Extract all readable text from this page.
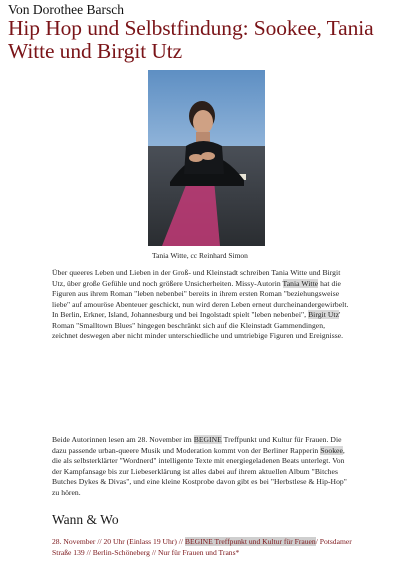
Von Dorothee Barsch
Hip Hop und Selbstfindung: Sookee, Tania Witte und Birgit Utz
Tania Witte, cc Reinhard Simon

Über queeres Leben und Lieben in der Groß- und Kleinstadt schreiben Tania Witte und Birgit Utz, über große Gefühle und noch größere Unsicherheiten. Missy-Autorin Tania Witte hat die Figuren aus ihrem Roman "leben nebenbei" bereits in ihrem ersten Roman "beziehungsweise liebe" auf amouröse Abenteuer geschickt, nun wird deren Leben erneut durcheinandergewirbelt. In Berlin, Erkner, Island, Johannesburg und bei Ingolstadt spielt "leben nebenbei", Birgit Utz' Roman "Smalltown Blues" hingegen beschränkt sich auf die Kleinstadt Gammendingen, zeichnet deswegen aber nicht minder unterschiedliche und umtriebige Figuren und Ereignisse.

Beide Autorinnen lesen am 28. November im BEGINE Treffpunkt und Kultur für Frauen. Die dazu passende urban-queere Musik und Moderation kommt von der Berliner Rapperin Sookee, die als selbsterklärter "Wordnerd" intelligente Texte mit energiegeladenen Beats unterlegt. Von der Kampfansage bis zur Liebeserklärung ist alles dabei auf ihrem aktuellen Album "Bitches Butches Dykes & Divas", und eine kleine Kostprobe davon gibt es bei "Herbstlese & Hip-Hop" zu hören.

Wann & Wo

28. November // 20 Uhr (Einlass 19 Uhr) // BEGINE Treffpunkt und Kultur für Frauen/ Potsdamer Straße 139 // Berlin-Schöneberg // Nur für Frauen und Trans*
